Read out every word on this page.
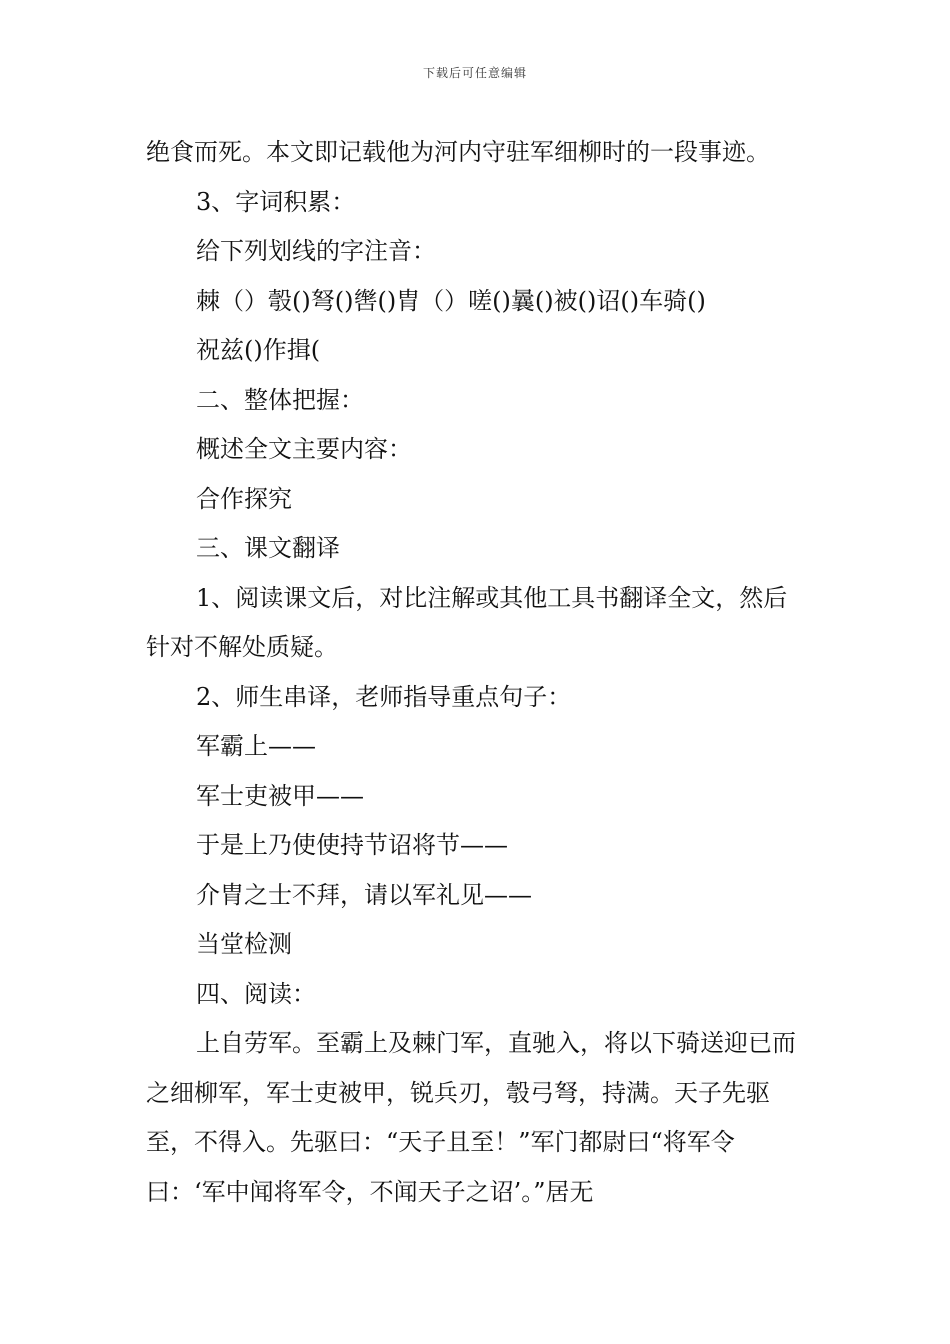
下载后可任意编辑

绝食而死。本文即记载他为河内守驻军细柳时的一段事迹。

3、字词积累：

给下列划线的字注音：

棘（）彀()弩()辔()胄（）嗟()曩()被()诏()车骑()

祝兹()作揖(

二、整体把握：

概述全文主要内容：

合作探究

三、课文翻译

1、阅读课文后，对比注解或其他工具书翻译全文，然后针对不解处质疑。

2、师生串译，老师指导重点句子：

军霸上——

军士吏被甲——

于是上乃使使持节诏将节——

介胄之士不拜，请以军礼见——

当堂检测

四、阅读：

上自劳军。至霸上及棘门军，直驰入，将以下骑送迎已而之细柳军，军士吏被甲，锐兵刃，彀弓弩，持满。天子先驱至，不得入。先驱曰：“天子且至！”军门都尉曰“将军令曰：‘军中闻将军令，不闻天子之诏’。”居无
